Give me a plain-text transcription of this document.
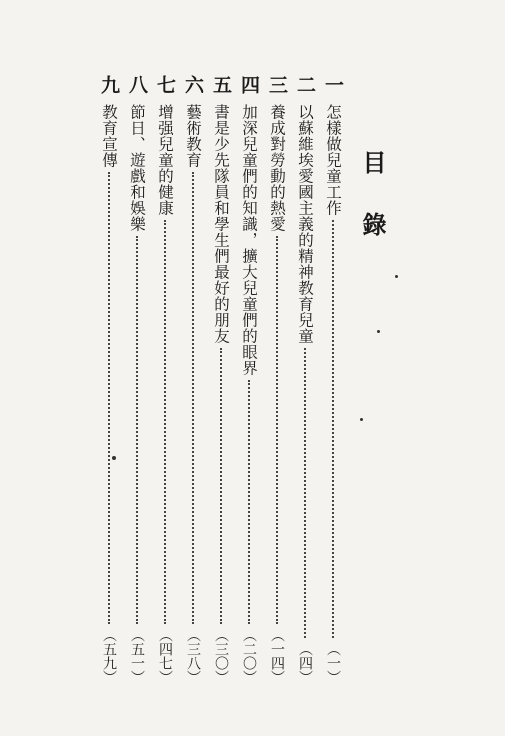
目錄
一
怎樣做兒童工作
（一）
二
以蘇維埃愛國主義的精神教育兒童
（四）
三
養成對勞動的熱愛
（一四）
四
加深兒童們的知識，擴大兒童們的眼界
（二〇）
五
書是少先隊員和學生們最好的朋友
（三〇）
六
藝術教育
（三八）
七
增强兒童的健康
（四七）
八
節日、遊戲和娛樂
（五一）
九
教育宣傳
（五九）
